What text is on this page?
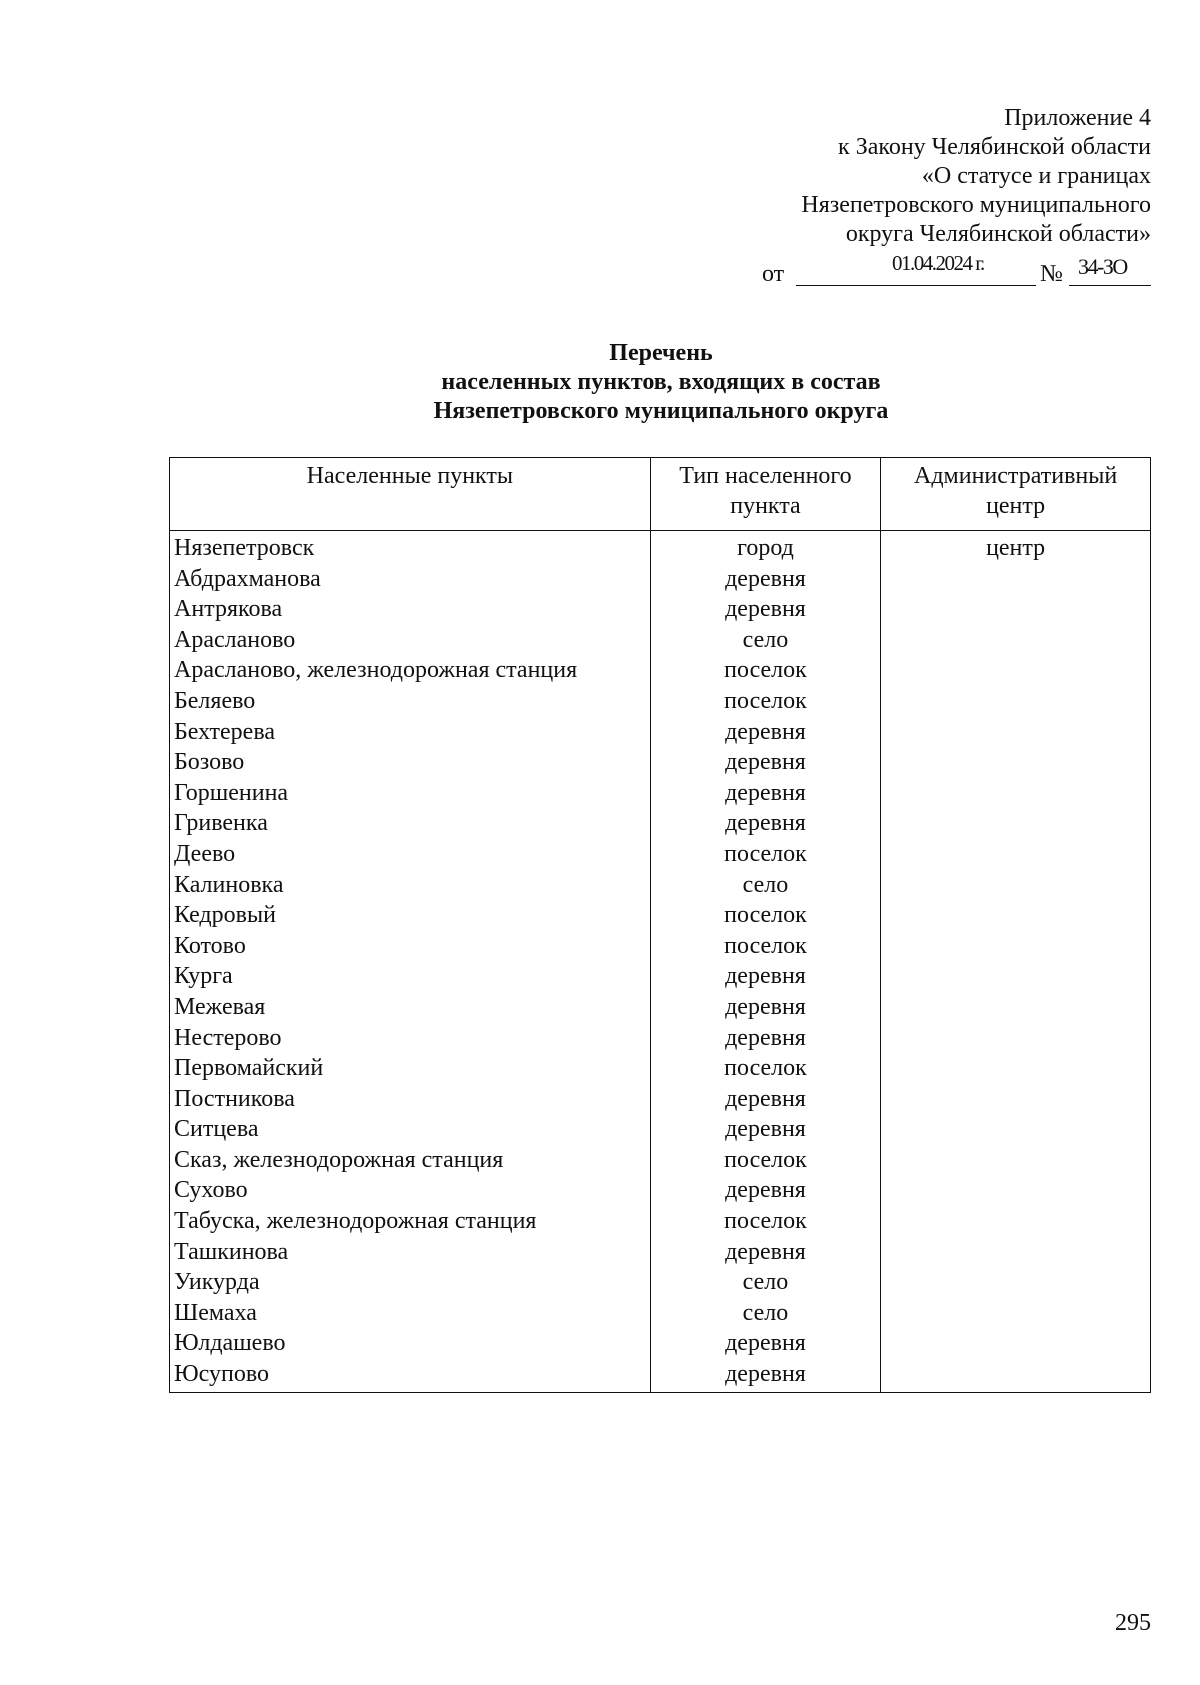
Приложение 4
к Закону Челябинской области
«О статусе и границах
Нязепетровского муниципального
округа Челябинской области»
от	01.04.2024 г. № 34-ЗО
Перечень
населенных пунктов, входящих в состав
Нязепетровского муниципального округа
Населенные пункты	Тип населенного пункта	Административный центр
Нязепетровск	город	центр
Абдрахманова	деревня	
Антрякова	деревня	
Арасланово	село	
Арасланово, железнодорожная станция	поселок	
Беляево	поселок	
Бехтерева	деревня	
Бозово	деревня	
Горшенина	деревня	
Гривенка	деревня	
Деево	поселок	
Калиновка	село	
Кедровый	поселок	
Котово	поселок	
Курга	деревня	
Межевая	деревня	
Нестерово	деревня	
Первомайский	поселок	
Постникова	деревня	
Ситцева	деревня	
Сказ, железнодорожная станция	поселок	
Сухово	деревня	
Табуска, железнодорожная станция	поселок	
Ташкинова	деревня	
Уикурда	село	
Шемаха	село	
Юлдашево	деревня	
Юсупово	деревня	
295
